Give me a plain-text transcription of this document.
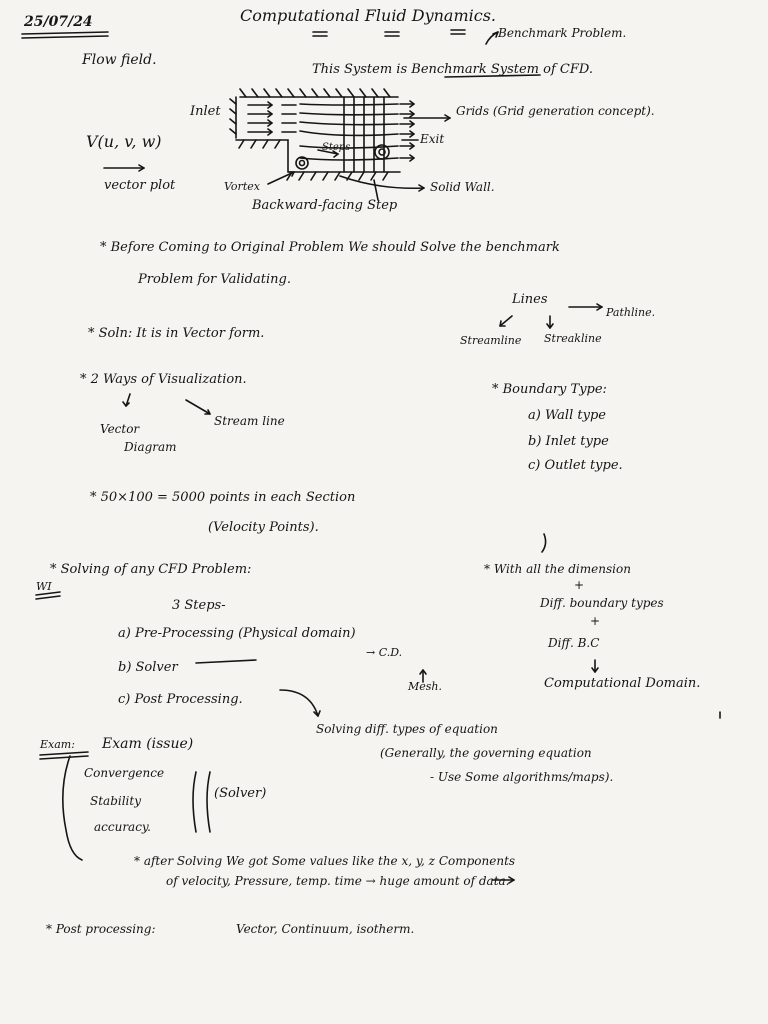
25/07/24	Computational Fluid Dynamics.
Benchmark Problem.
Flow field.
This System is Benchmark System of CFD.
Inlet
Exit
Steps
Grids (Grid generation concept).
V(u, v, w)
vector plot	Vortex	Solid Wall.
Backward-facing Step
* Before Coming to Original Problem We should Solve the benchmark
Problem for Validating.
Lines
Pathline.
Streamline Streakline
* Soln: It is in Vector form.
* 2 Ways of Visualization.
Vector
Diagram
Stream line
* Boundary Type:
a) Wall type
b) Inlet type
c) Outlet type.
* 50×100 = 5000 points in each Section
(Velocity Points).
WI
* Solving of any CFD Problem:
3 Steps-
a) Pre-Processing (Physical domain)
→ C.D.
Mesh.
b) Solver
c) Post Processing.
* With all the dimension
+
Diff. boundary types
+
Diff. B.C
Computational Domain.
Exam: Exam (issue)
Convergence
Stability
accuracy.
(Solver)
Solving diff. types of equation
(Generally, the governing equation
- Use Some algorithms/maps).
* after Solving We got Some values like the x, y, z Components
of velocity, Pressure, temp. time → huge amount of data.
* Post processing:	Vector, Continuum, isotherm.
